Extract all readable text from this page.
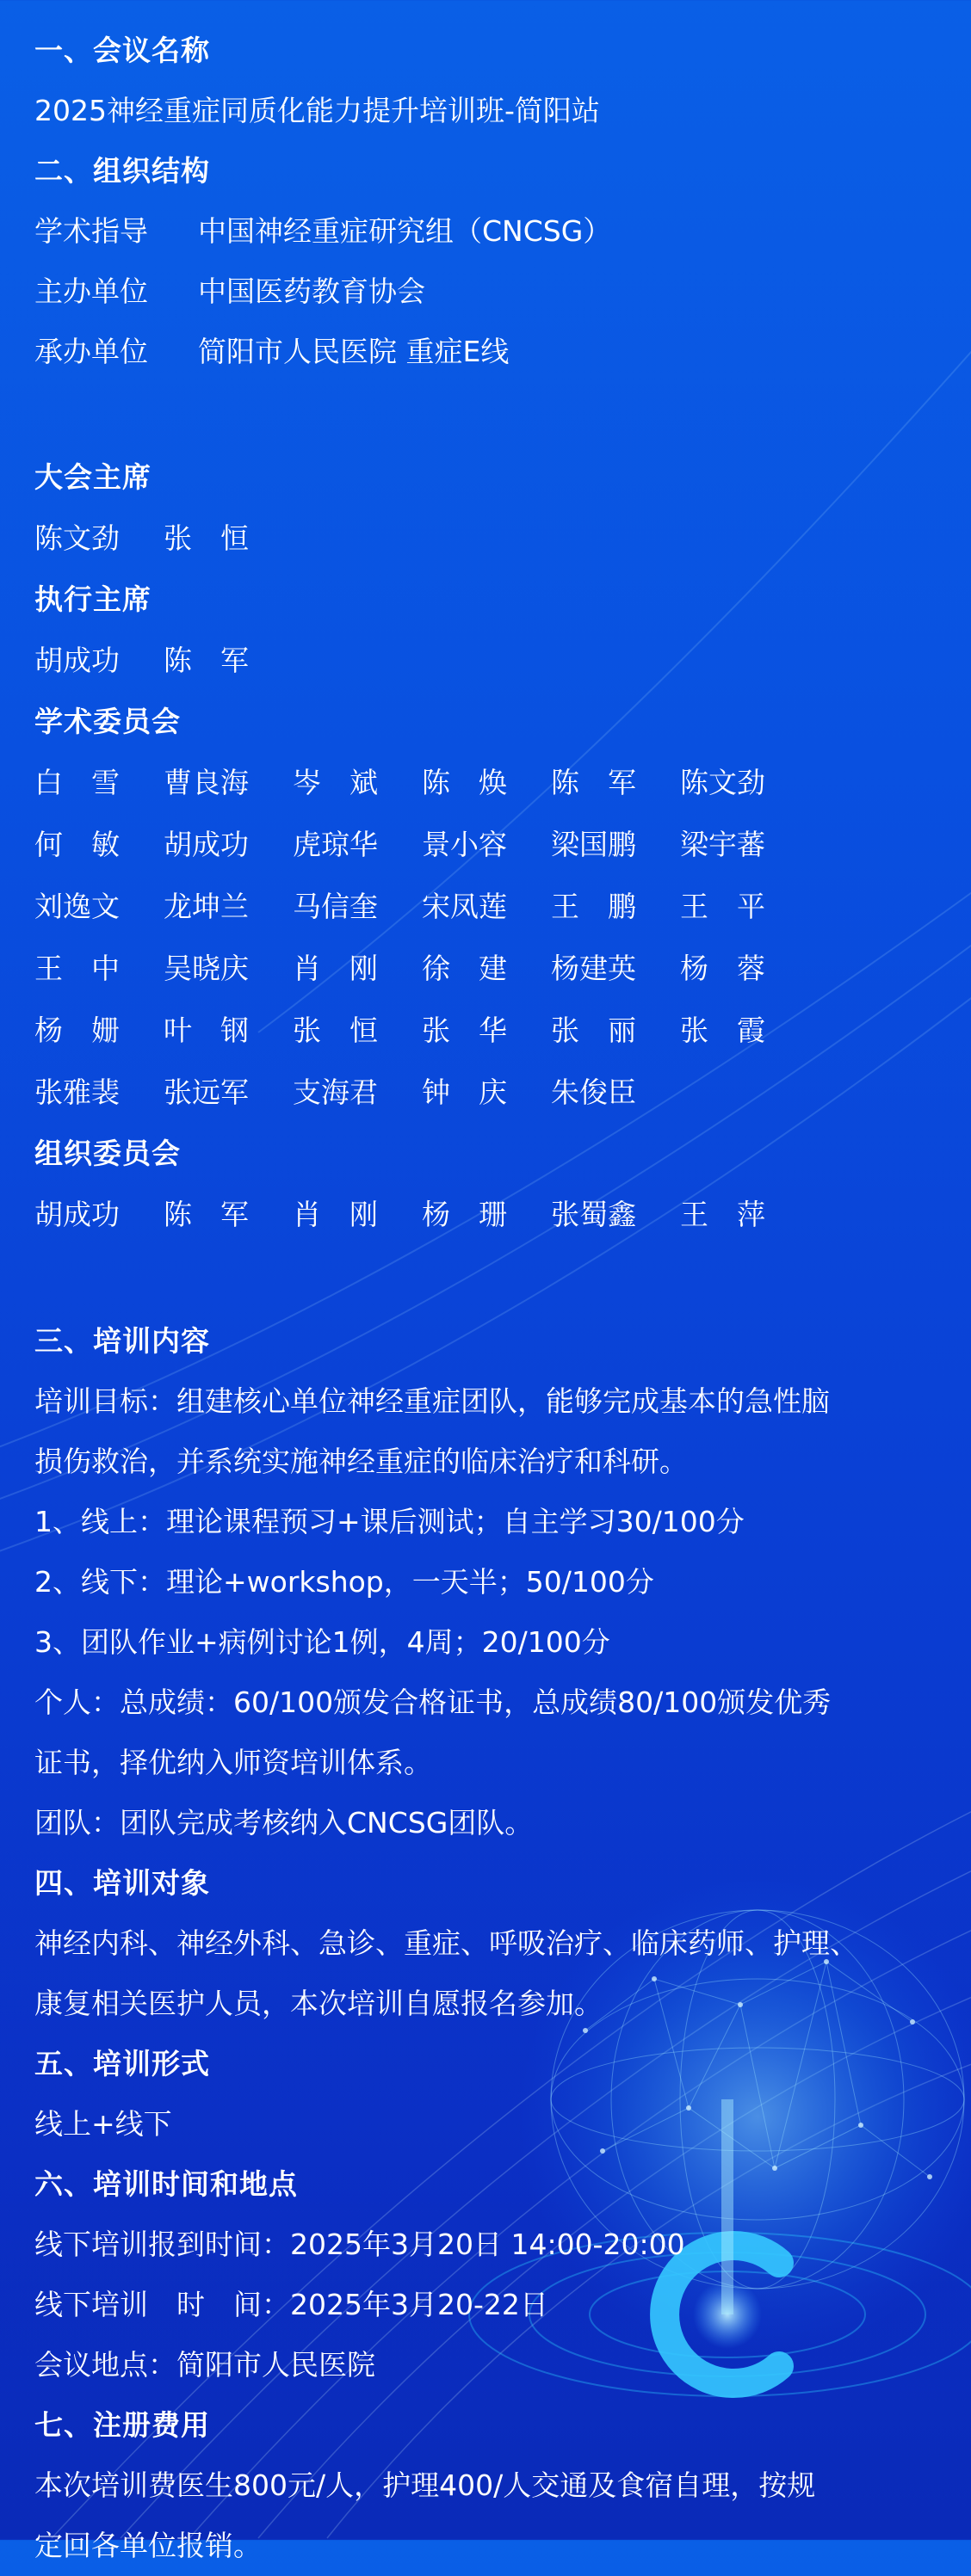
一、会议名称
2025神经重症同质化能力提升培训班-简阳站
二、组织结构
学术指导 中国神经重症研究组（CNCSG）
主办单位 中国医药教育协会
承办单位 简阳市人民医院 重症E线
大会主席
陈文劲	张　恒
执行主席
胡成功	陈　军
学术委员会
白　雪	曹良海	岑　斌	陈　焕	陈　军	陈文劲
何　敏	胡成功	虎琼华	景小容	梁国鹏	梁宇蕃
刘逸文	龙坤兰	马信奎	宋凤莲	王　鹏	王　平
王　中	吴晓庆	肖　刚	徐　建	杨建英	杨　蓉
杨　姗	叶　钢	张　恒	张　华	张　丽	张　霞
张雅裴	张远军	支海君	钟　庆	朱俊臣
组织委员会
胡成功	陈　军	肖　刚	杨　珊	张蜀鑫	王　萍
三、培训内容
培训目标：组建核心单位神经重症团队，能够完成基本的急性脑
损伤救治，并系统实施神经重症的临床治疗和科研。
1、线上：理论课程预习+课后测试；自主学习30/100分
2、线下：理论+workshop，一天半；50/100分
3、团队作业+病例讨论1例，4周；20/100分
个人：总成绩：60/100颁发合格证书，总成绩80/100颁发优秀
证书，择优纳入师资培训体系。
团队：团队完成考核纳入CNCSG团队。
四、培训对象
神经内科、神经外科、急诊、重症、呼吸治疗、临床药师、护理、
康复相关医护人员，本次培训自愿报名参加。
五、培训形式
线上+线下
六、培训时间和地点
线下培训报到时间：2025年3月20日 14:00-20:00
线下培训　时　间：2025年3月20-22日
会议地点：简阳市人民医院
七、注册费用
本次培训费医生800元/人，护理400/人交通及食宿自理，按规
定回各单位报销。
